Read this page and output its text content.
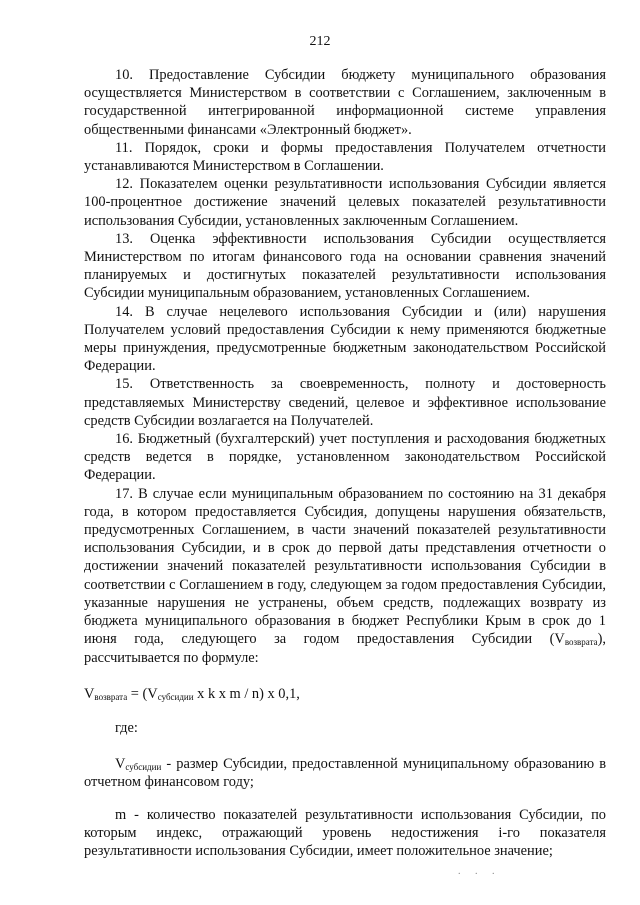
212

10. Предоставление Субсидии бюджету муниципального образования осуществляется Министерством в соответствии с Соглашением, заключенным в государственной интегрированной информационной системе управления общественными финансами «Электронный бюджет».

11. Порядок, сроки и формы предоставления Получателем отчетности устанавливаются Министерством в Соглашении.

12. Показателем оценки результативности использования Субсидии является 100-процентное достижение значений целевых показателей результативности использования Субсидии, установленных заключенным Соглашением.

13. Оценка эффективности использования Субсидии осуществляется Министерством по итогам финансового года на основании сравнения значений планируемых и достигнутых показателей результативности использования Субсидии муниципальным образованием, установленных Соглашением.

14. В случае нецелевого использования Субсидии и (или) нарушения Получателем условий предоставления Субсидии к нему применяются бюджетные меры принуждения, предусмотренные бюджетным законодательством Российской Федерации.

15. Ответственность за своевременность, полноту и достоверность представляемых Министерству сведений, целевое и эффективное использование средств Субсидии возлагается на Получателей.

16. Бюджетный (бухгалтерский) учет поступления и расходования бюджетных средств ведется в порядке, установленном законодательством Российской Федерации.

17. В случае если муниципальным образованием по состоянию на 31 декабря года, в котором предоставляется Субсидия, допущены нарушения обязательств, предусмотренных Соглашением, в части значений показателей результативности использования Субсидии, и в срок до первой даты представления отчетности о достижении значений показателей результативности использования Субсидии в соответствии с Соглашением в году, следующем за годом предоставления Субсидии, указанные нарушения не устранены, объем средств, подлежащих возврату из бюджета муниципального образования в бюджет Республики Крым в срок до 1 июня года, следующего за годом предоставления Субсидии $(V_{возврата})$, рассчитывается по формуле:

$V_{возврата} = (V_{субсидии}$ x k x m / n) x 0,1,

где:

$V_{субсидии}$ - размер Субсидии, предоставленной муниципальному образованию в отчетном финансовом году;

m - количество показателей результативности использования Субсидии, по которым индекс, отражающий уровень недостижения i-го показателя результативности использования Субсидии, имеет положительное значение;

. . .
